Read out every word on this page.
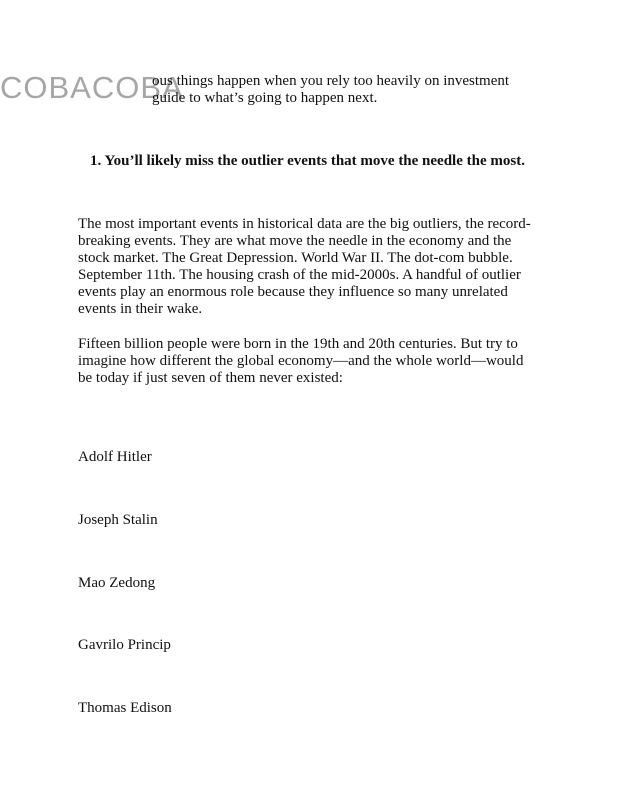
COBACOBA
ous things happen when you rely too heavily on investment
guide to what’s going to happen next.
1. You’ll likely miss the outlier events that move the needle the most.

The most important events in historical data are the big outliers, the record-
breaking events. They are what move the needle in the economy and the
stock market. The Great Depression. World War II. The dot-com bubble.
September 11th. The housing crash of the mid-2000s. A handful of outlier
events play an enormous role because they influence so many unrelated
events in their wake.

Fifteen billion people were born in the 19th and 20th centuries. But try to
imagine how different the global economy—and the whole world—would
be today if just seven of them never existed:

Adolf Hitler
Joseph Stalin
Mao Zedong
Gavrilo Princip
Thomas Edison
